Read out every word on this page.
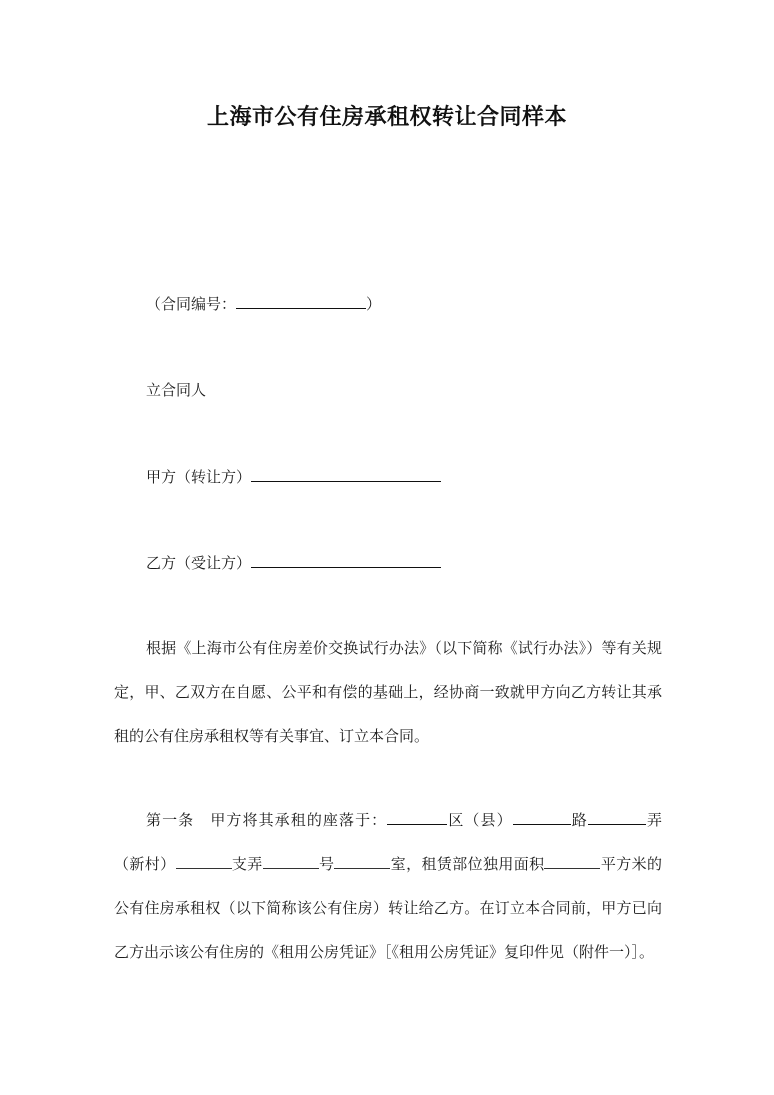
上海市公有住房承租权转让合同样本
（合同编号：	）
立合同人
甲方（转让方）
乙方（受让方）

根据《上海市公有住房差价交换试行办法》（以下简称《试行办法》）等有关规定，甲、乙双方在自愿、公平和有偿的基础上，经协商一致就甲方向乙方转让其承租的公有住房承租权等有关事宜、订立本合同。

第一条　甲方将其承租的座落于：	区（县）	路	弄（新村）	支弄	号	室，租赁部位独用面积	平方米的公有住房承租权（以下简称该公有住房）转让给乙方。在订立本合同前，甲方已向乙方出示该公有住房的《租用公房凭证》［《租用公房凭证》复印件见（附件一）］。
